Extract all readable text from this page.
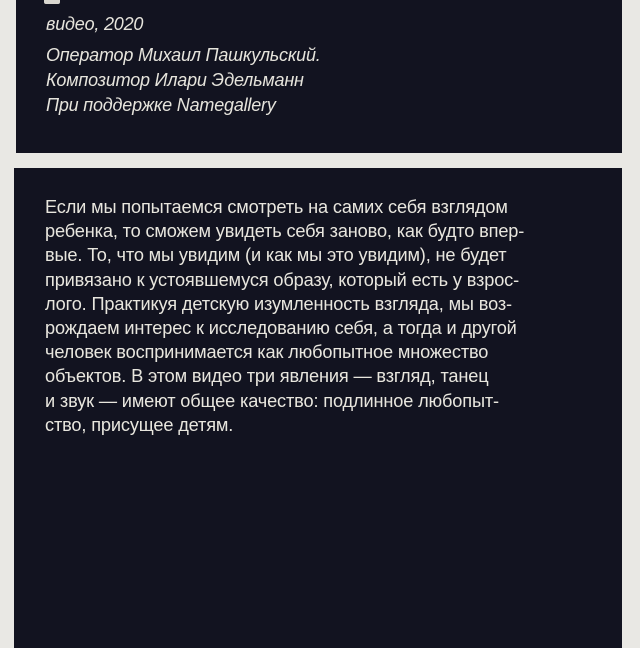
видео, 2020
Оператор Михаил Пашкульский.
Композитор Илари Эдельманн
При поддержке Namegallery
Если мы попытаемся смотреть на самих себя взглядом
ребенка, то сможем увидеть себя заново, как будто впер-
вые. То, что мы увидим (и как мы это увидим), не будет
привязано к устоявшемуся образу, который есть у взрос-
лого. Практикуя детскую изумленность взгляда, мы воз-
рождаем интерес к исследованию себя, а тогда и другой
человек воспринимается как любопытное множество
объектов. В этом видео три явления — взгляд, танец
и звук — имеют общее качество: подлинное любопыт-
ство, присущее детям.
